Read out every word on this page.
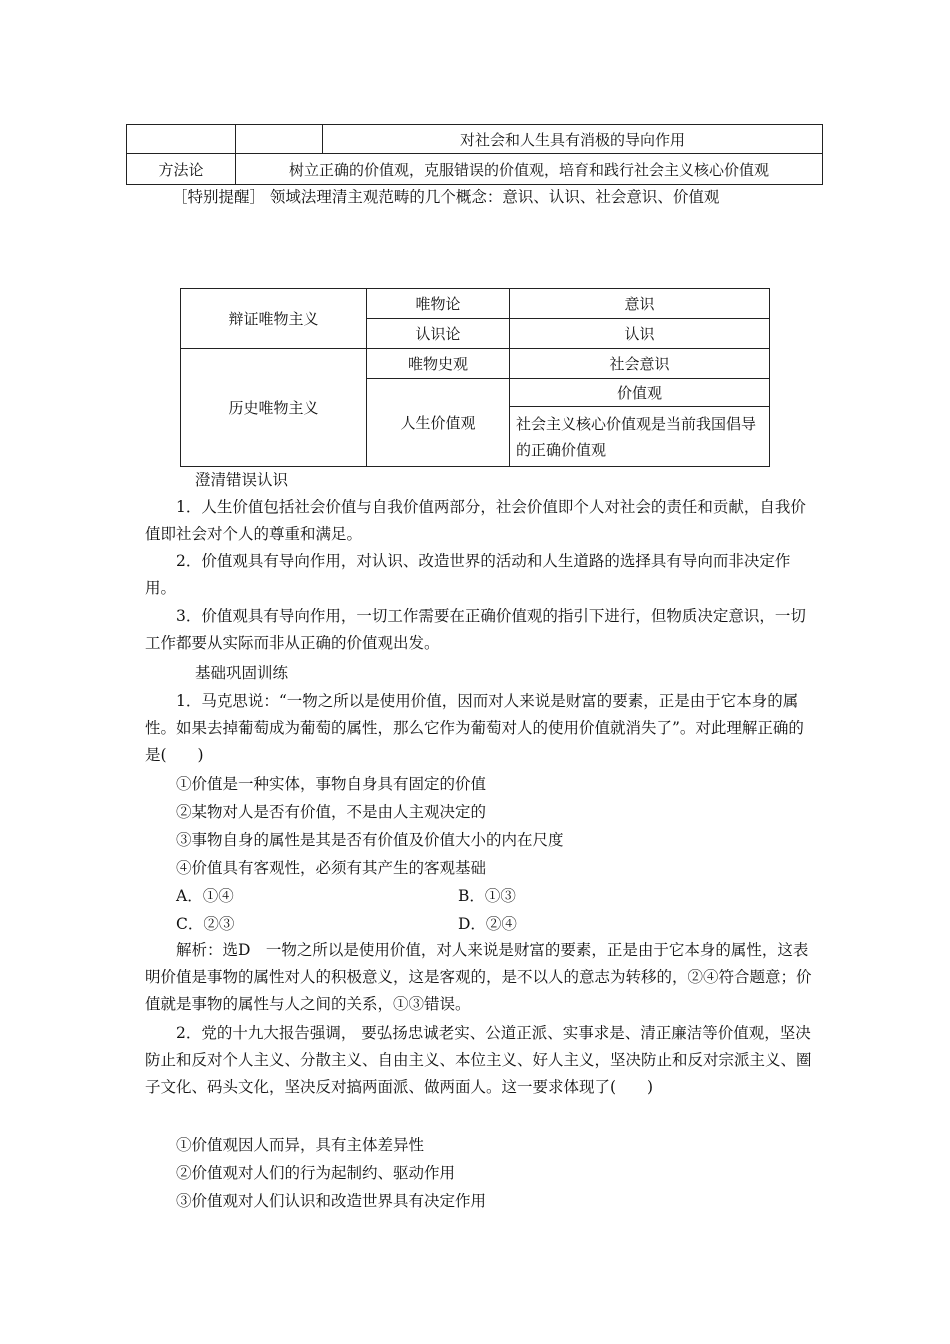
		对社会和人生具有消极的导向作用
方法论	树立正确的价值观，克服错误的价值观，培育和践行社会主义核心价值观	
［特别提醒］ 领域法理清主观范畴的几个概念：意识、认识、社会意识、价值观
辩证唯物主义	唯物论	意识
	认识论	认识
历史唯物主义	唯物史观	社会意识
	人生价值观	价值观
		社会主义核心价值观是当前我国倡导的正确价值观
澄清错误认识
1．人生价值包括社会价值与自我价值两部分，社会价值即个人对社会的责任和贡献，自我价值即社会对个人的尊重和满足。
2．价值观具有导向作用，对认识、改造世界的活动和人生道路的选择具有导向而非决定作用。
3．价值观具有导向作用，一切工作需要在正确价值观的指引下进行，但物质决定意识，一切工作都要从实际而非从正确的价值观出发。
基础巩固训练
1．马克思说：“一物之所以是使用价值，因而对人来说是财富的要素，正是由于它本身的属性。如果去掉葡萄成为葡萄的属性，那么它作为葡萄对人的使用价值就消失了”。对此理解正确的是(　　)
①价值是一种实体，事物自身具有固定的价值
②某物对人是否有价值，不是由人主观决定的
③事物自身的属性是其是否有价值及价值大小的内在尺度
④价值具有客观性，必须有其产生的客观基础
A．①④	B．①③
C．②③	D．②④
解析：选D　一物之所以是使用价值，对人来说是财富的要素，正是由于它本身的属性，这表明价值是事物的属性对人的积极意义，这是客观的，是不以人的意志为转移的，②④符合题意；价值就是事物的属性与人之间的关系，①③错误。
2．党的十九大报告强调， 要弘扬忠诚老实、公道正派、实事求是、清正廉洁等价值观，坚决防止和反对个人主义、分散主义、自由主义、本位主义、好人主义，坚决防止和反对宗派主义、圈子文化、码头文化，坚决反对搞两面派、做两面人。这一要求体现了(　　)
①价值观因人而异，具有主体差异性
②价值观对人们的行为起制约、驱动作用
③价值观对人们认识和改造世界具有决定作用
